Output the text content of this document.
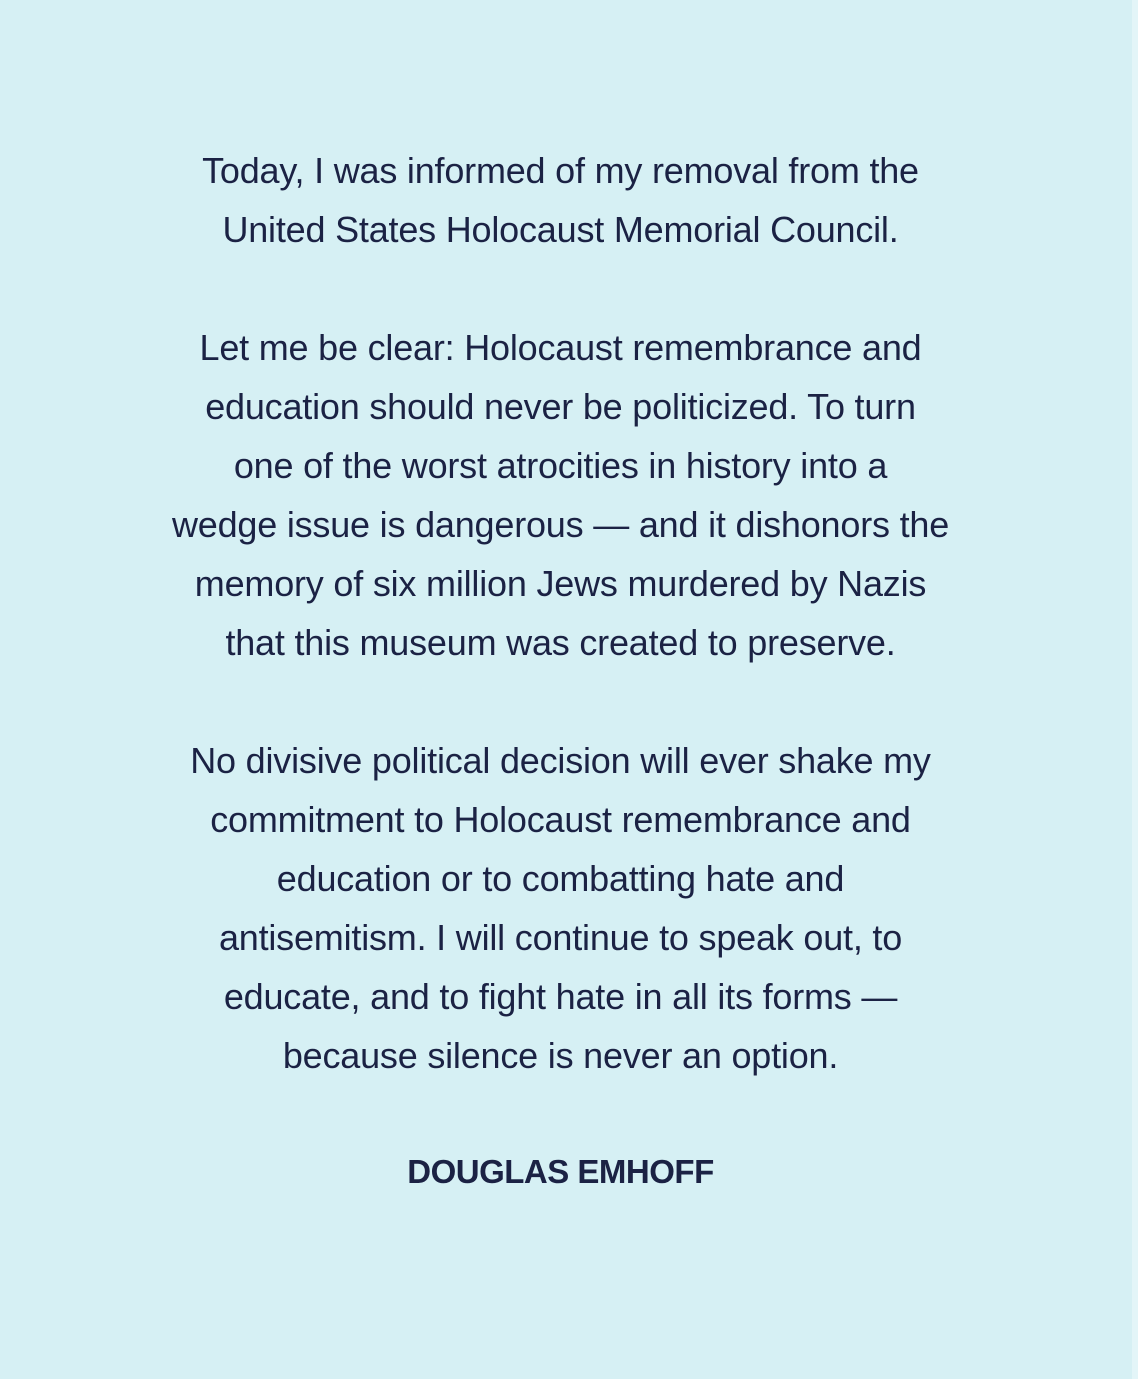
Today, I was informed of my removal from the
United States Holocaust Memorial Council.

Let me be clear: Holocaust remembrance and
education should never be politicized. To turn
one of the worst atrocities in history into a
wedge issue is dangerous — and it dishonors the
memory of six million Jews murdered by Nazis
that this museum was created to preserve.

No divisive political decision will ever shake my
commitment to Holocaust remembrance and
education or to combatting hate and
antisemitism. I will continue to speak out, to
educate, and to fight hate in all its forms —
because silence is never an option.

DOUGLAS EMHOFF
